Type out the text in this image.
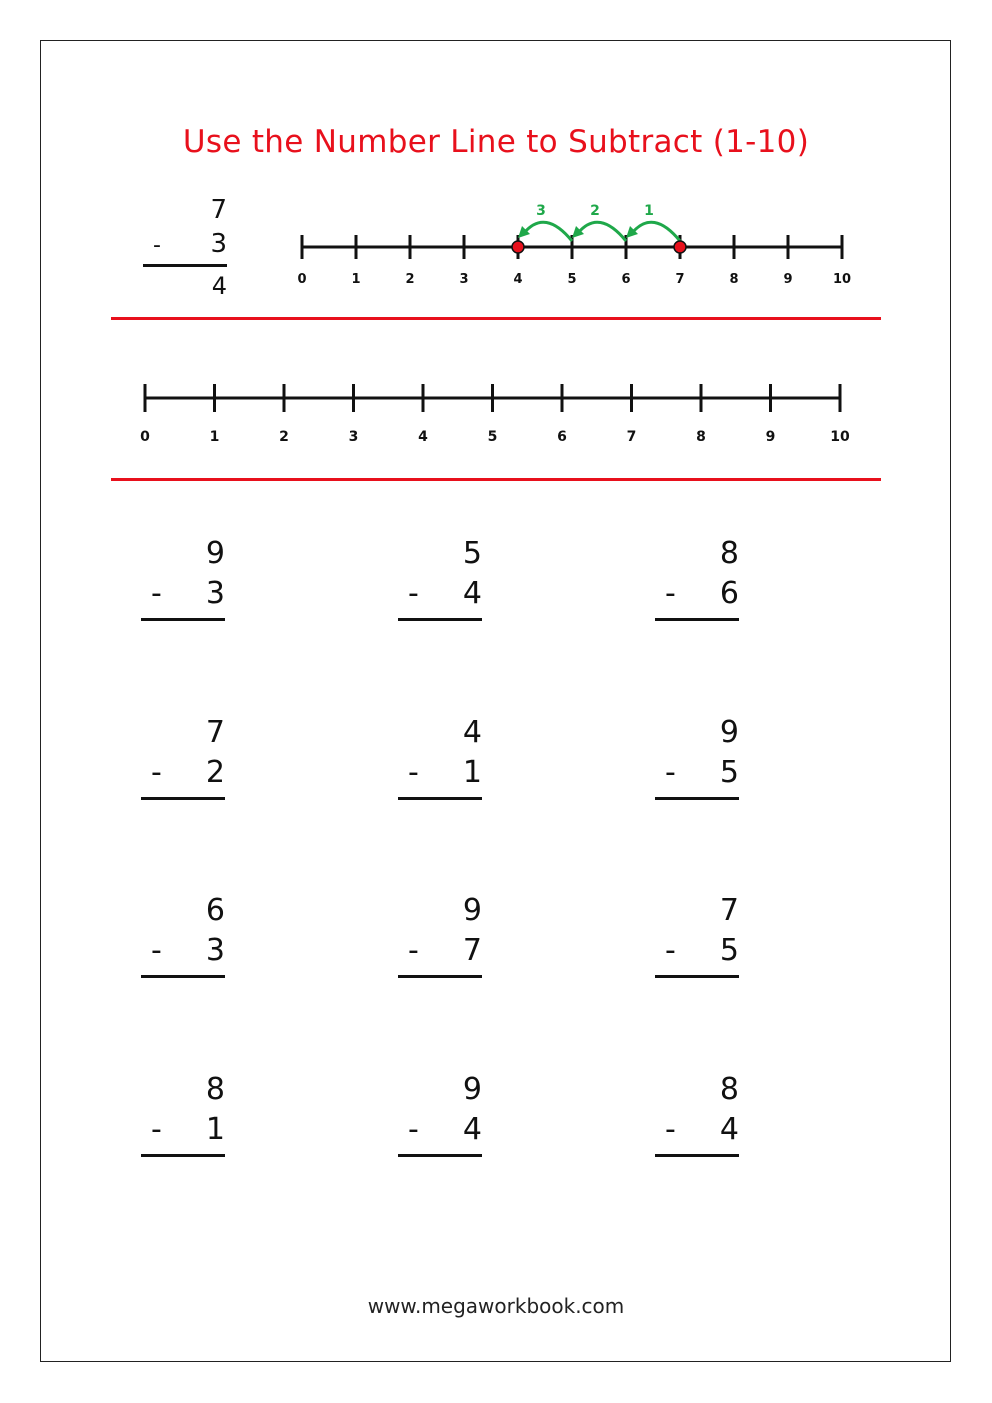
Use the Number Line to Subtract (1-10)
7
- 3
4	0	1	2	3	4	5	6	7	8	9	10
1
2
3
0	1	2	3	4	5	6	7	8	9	10
9
- 3
5
- 4
8
- 6
7
- 2
4
- 1
9
- 5
6
- 3
9
- 7
7
- 5
8
- 1
9
- 4
8
- 4
www.megaworkbook.com
